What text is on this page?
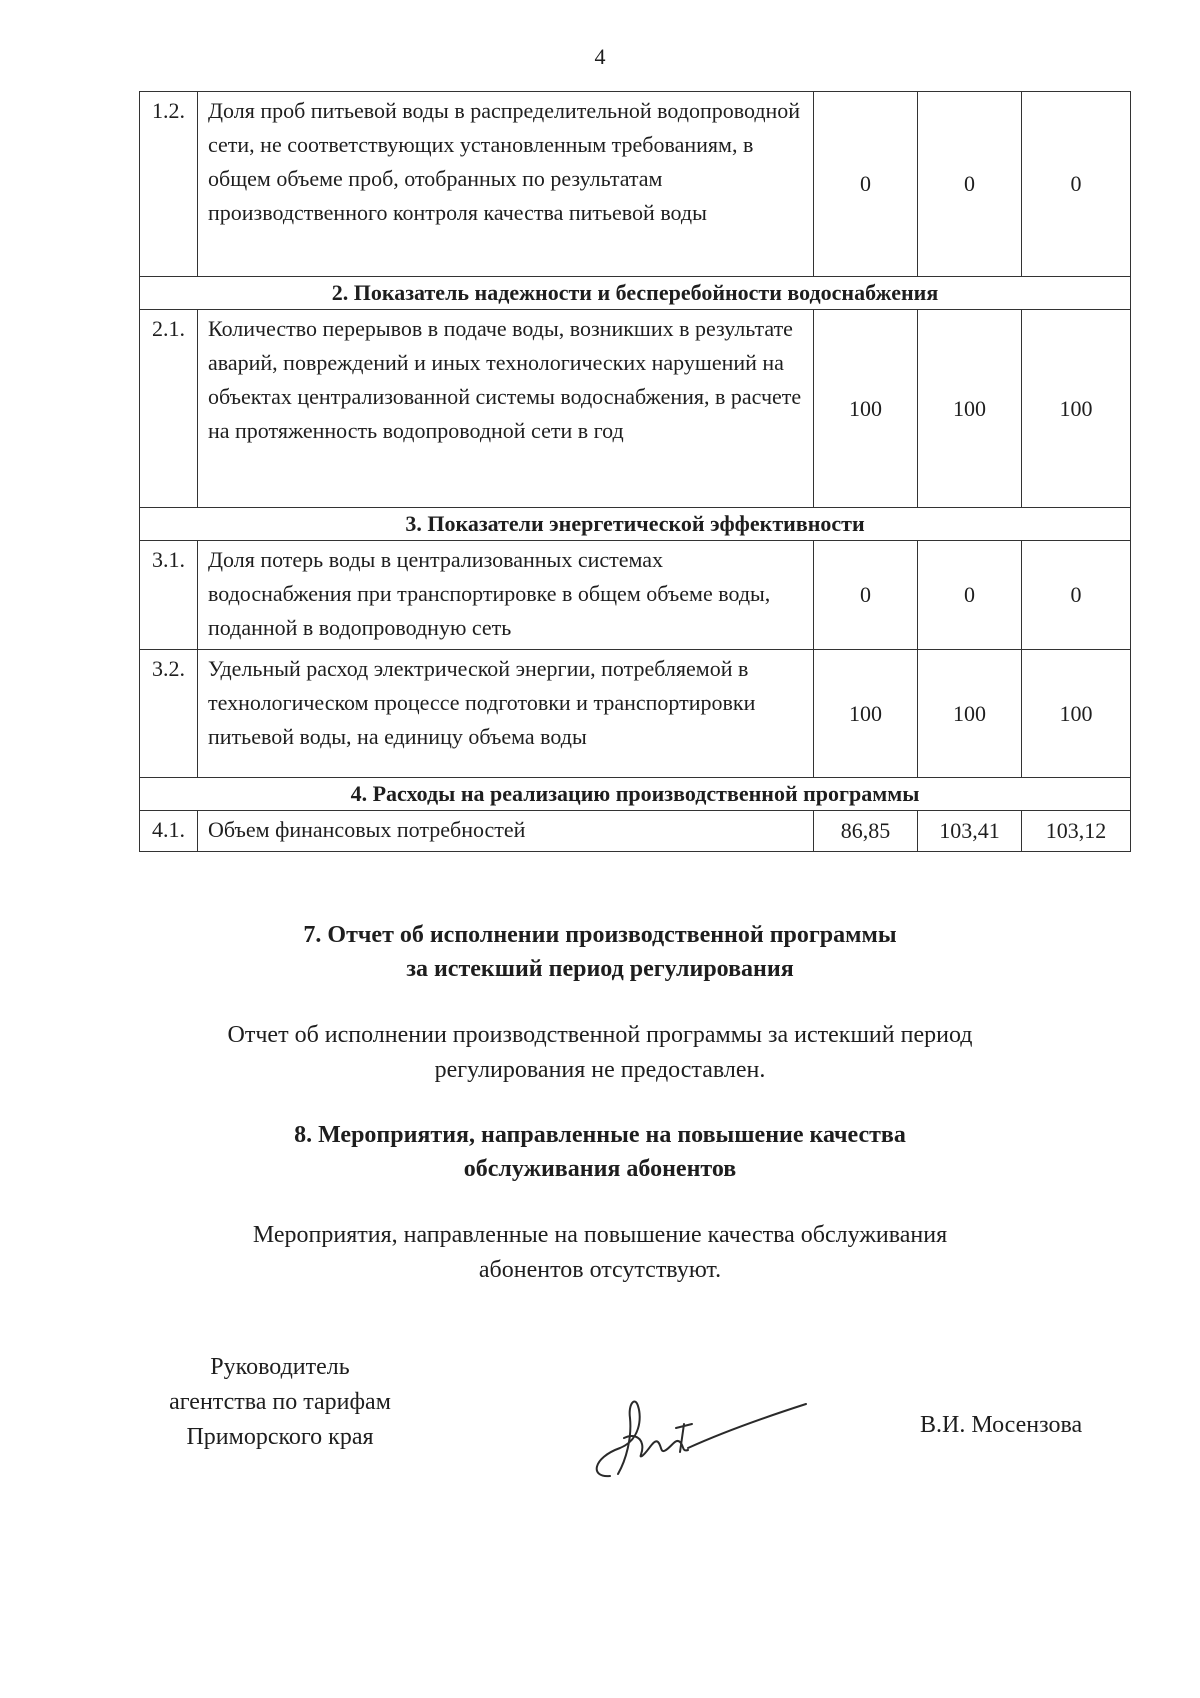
4
1.2.	Доля проб питьевой воды в распределительной водопроводной сети, не соответствующих установленным требованиям, в общем объеме проб, отобранных по результатам производственного контроля качества питьевой воды	0	0	0
2. Показатель надежности и бесперебойности водоснабжения				
2.1.	Количество перерывов в подаче воды, возникших в результате аварий, повреждений и иных технологических нарушений на объектах централизованной системы водоснабжения, в расчете на протяженность водопроводной сети в год	100	100	100
3. Показатели энергетической эффективности				
3.1.	Доля потерь воды в централизованных системах водоснабжения при транспортировке в общем объеме воды, поданной в водопроводную сеть	0	0	0
3.2.	Удельный расход электрической энергии, потребляемой в технологическом процессе подготовки и транспортировки питьевой воды, на единицу объема воды	100	100	100
4. Расходы на реализацию производственной программы				
4.1.	Объем финансовых потребностей	86,85	103,41	103,12
7. Отчет об исполнении производственной программы
за истекший период регулирования
Отчет об исполнении производственной программы за истекший период
регулирования не предоставлен.
8. Мероприятия, направленные на повышение качества
обслуживания абонентов
Мероприятия, направленные на повышение качества обслуживания
абонентов отсутствуют.
Руководитель
агентства по тарифам
Приморского края	В.И. Мосензова
